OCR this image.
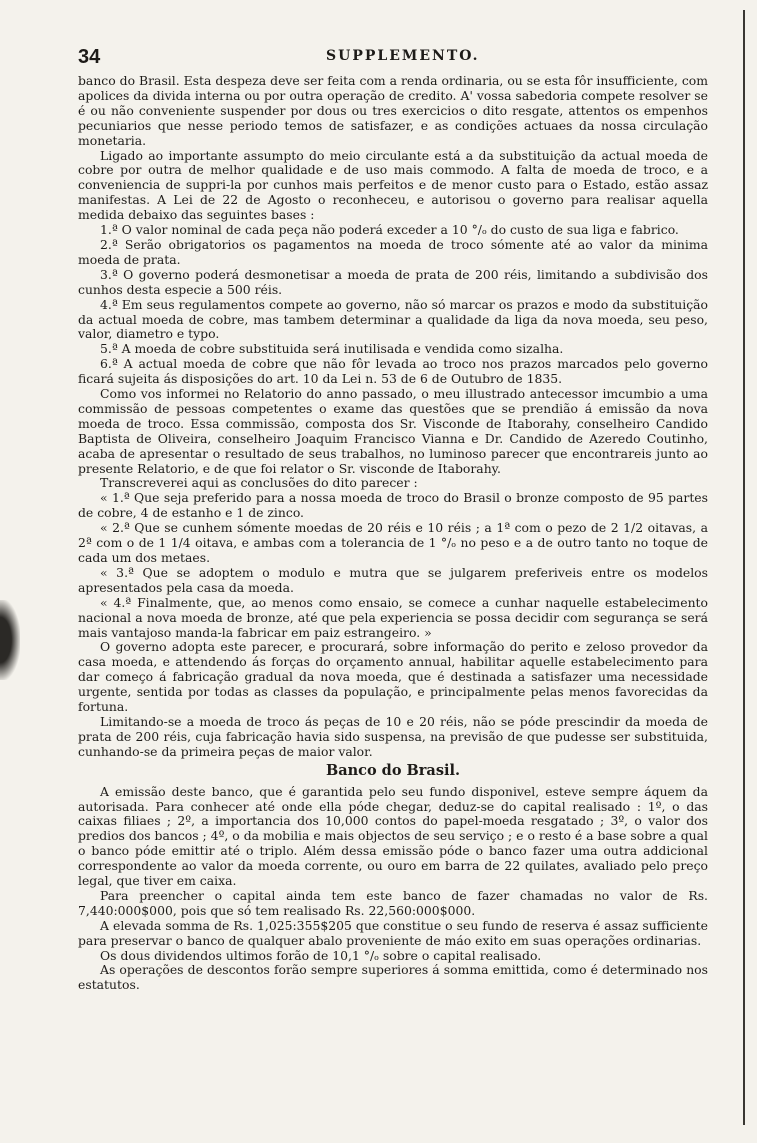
34	SUPPLEMENTO.

banco do Brasil. Esta despeza deve ser feita com a renda ordinaria, ou se esta fôr insufficiente, com apolices da divida interna ou por outra operação de credito. A' vossa sabedoria compete resolver se é ou não conveniente suspender por dous ou tres exercicios o dito resgate, attentos os empenhos pecuniarios que nesse periodo temos de satisfazer, e as condições actuaes da nossa circulação monetaria.

Ligado ao importante assumpto do meio circulante está a da substituição da actual moeda de cobre por outra de melhor qualidade e de uso mais commodo. A falta de moeda de troco, e a conveniencia de suppri-la por cunhos mais perfeitos e de menor custo para o Estado, estão assaz manifestas. A Lei de 22 de Agosto o reconheceu, e autorisou o governo para realisar aquella medida debaixo das seguintes bases :

1.ª O valor nominal de cada peça não poderá exceder a 10 °/ₒ do custo de sua liga e fabrico.

2.ª Serão obrigatorios os pagamentos na moeda de troco sómente até ao valor da minima moeda de prata.

3.ª O governo poderá desmonetisar a moeda de prata de 200 réis, limitando a subdivisão dos cunhos desta especie a 500 réis.

4.ª Em seus regulamentos compete ao governo, não só marcar os prazos e modo da substituição da actual moeda de cobre, mas tambem determinar a qualidade da liga da nova moeda, seu peso, valor, diametro e typo.

5.ª A moeda de cobre substituida será inutilisada e vendida como sizalha.

6.ª A actual moeda de cobre que não fôr levada ao troco nos prazos marcados pelo governo ficará sujeita ás disposições do art. 10 da Lei n. 53 de 6 de Outubro de 1835.

Como vos informei no Relatorio do anno passado, o meu illustrado antecessor imcumbio a uma commissão de pessoas competentes o exame das questões que se prendião á emissão da nova moeda de troco. Essa commissão, composta dos Sr. Visconde de Itaborahy, conselheiro Candido Baptista de Oliveira, conselheiro Joaquim Francisco Vianna e Dr. Candido de Azeredo Coutinho, acaba de apresentar o resultado de seus trabalhos, no luminoso parecer que encontrareis junto ao presente Relatorio, e de que foi relator o Sr. visconde de Itaborahy.

Transcreverei aqui as conclusões do dito parecer :

« 1.ª Que seja preferido para a nossa moeda de troco do Brasil o bronze composto de 95 partes de cobre, 4 de estanho e 1 de zinco.

« 2.ª Que se cunhem sómente moedas de 20 réis e 10 réis ; a 1ª com o pezo de 2 1/2 oitavas, a 2ª com o de 1 1/4 oitava, e ambas com a tolerancia de 1 °/ₒ no peso e a de outro tanto no toque de cada um dos metaes.

« 3.ª Que se adoptem o modulo e mutra que se julgarem preferiveis entre os modelos apresentados pela casa da moeda.

« 4.ª Finalmente, que, ao menos como ensaio, se comece a cunhar naquelle estabelecimento nacional a nova moeda de bronze, até que pela experiencia se possa decidir com segurança se será mais vantajoso manda-la fabricar em paiz estrangeiro. »

O governo adopta este parecer, e procurará, sobre informação do perito e zeloso provedor da casa moeda, e attendendo ás forças do orçamento annual, habilitar aquelle estabelecimento para dar começo á fabricação gradual da nova moeda, que é destinada a satisfazer uma necessidade urgente, sentida por todas as classes da população, e principalmente pelas menos favorecidas da fortuna.

Limitando-se a moeda de troco ás peças de 10 e 20 réis, não se póde prescindir da moeda de prata de 200 réis, cuja fabricação havia sido suspensa, na previsão de que pudesse ser substituida, cunhando-se da primeira peças de maior valor.

Banco do Brasil.

A emissão deste banco, que é garantida pelo seu fundo disponivel, esteve sempre áquem da autorisada. Para conhecer até onde ella póde chegar, deduz-se do capital realisado : 1º, o das caixas filiaes ; 2º, a importancia dos 10,000 contos do papel-moeda resgatado ; 3º, o valor dos predios dos bancos ; 4º, o da mobilia e mais objectos de seu serviço ; e o resto é a base sobre a qual o banco póde emittir até o triplo. Além dessa emissão póde o banco fazer uma outra addicional correspondente ao valor da moeda corrente, ou ouro em barra de 22 quilates, avaliado pelo preço legal, que tiver em caixa.

Para preencher o capital ainda tem este banco de fazer chamadas no valor de Rs. 7,440:000$000, pois que só tem realisado Rs. 22,560:000$000.

A elevada somma de Rs. 1,025:355$205 que constitue o seu fundo de reserva é assaz sufficiente para preservar o banco de qualquer abalo proveniente de máo exito em suas operações ordinarias.

Os dous dividendos ultimos forão de 10,1 °/ₒ sobre o capital realisado.

As operações de descontos forão sempre superiores á somma emittida, como é determinado nos estatutos.
